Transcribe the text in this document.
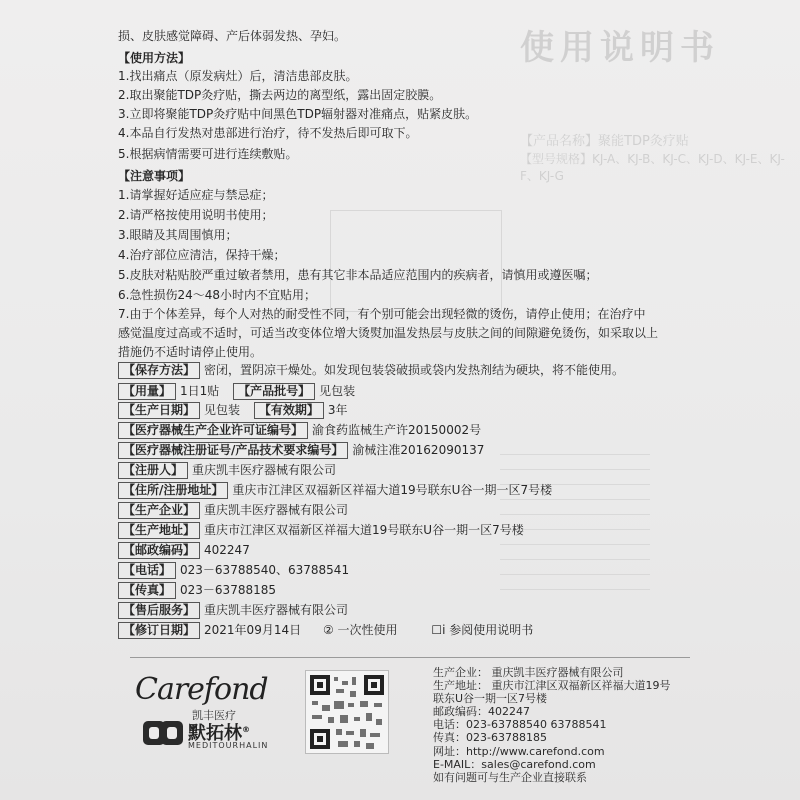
使用说明书
【产品名称】聚能TDP灸疗贴
【型号规格】KJ-A、KJ-B、KJ-C、KJ-D、KJ-E、KJ-F、KJ-G
损、皮肤感觉障碍、产后体弱发热、孕妇。
【使用方法】
1.找出痛点（原发病灶）后，清洁患部皮肤。
2.取出聚能TDP灸疗贴，撕去两边的离型纸，露出固定胶膜。
3.立即将聚能TDP灸疗贴中间黑色TDP辐射器对准痛点，贴紧皮肤。
4.本品自行发热对患部进行治疗，待不发热后即可取下。
5.根据病情需要可进行连续敷贴。
【注意事项】
1.请掌握好适应症与禁忌症；
2.请严格按使用说明书使用；
3.眼睛及其周围慎用；
4.治疗部位应清洁，保持干燥；
5.皮肤对粘贴胶严重过敏者禁用，患有其它非本品适应范围内的疾病者，请慎用或遵医嘱；
6.急性损伤24～48小时内不宜贴用；
7.由于个体差异，每个人对热的耐受性不同，有个别可能会出现轻微的烫伤，请停止使用；在治疗中
感觉温度过高或不适时，可适当改变体位增大烫熨加温发热层与皮肤之间的间隙避免烫伤，如采取以上
措施仍不适时请停止使用。
【保存方法】 密闭，置阴凉干燥处。如发现包装袋破损或袋内发热剂结为硬块，将不能使用。
【用量】 1日1贴 【产品批号】 见包装
【生产日期】 见包装 【有效期】 3年
【医疗器械生产企业许可证编号】 渝食药监械生产许20150002号
【医疗器械注册证号/产品技术要求编号】 渝械注准20162090137
【注册人】 重庆凯丰医疗器械有限公司
【住所/注册地址】 重庆市江津区双福新区祥福大道19号联东U谷一期一区7号楼
【生产企业】 重庆凯丰医疗器械有限公司
【生产地址】 重庆市江津区双福新区祥福大道19号联东U谷一期一区7号楼
【邮政编码】 402247
【电话】 023－63788540、63788541
【传真】 023－63788185
【售后服务】 重庆凯丰医疗器械有限公司
【修订日期】 2021年09月14日 ② 一次性使用	☐i 参阅使用说明书
Carefond
凯丰医疗
默拓林®
MEDITOURHALIN
生产企业： 重庆凯丰医疗器械有限公司
生产地址： 重庆市江津区双福新区祥福大道19号
联东U谷一期一区7号楼
邮政编码：402247
电话：023-63788540 63788541
传真：023-63788185
网址：http://www.carefond.com
E-MAIL：sales@carefond.com
如有问题可与生产企业直接联系
